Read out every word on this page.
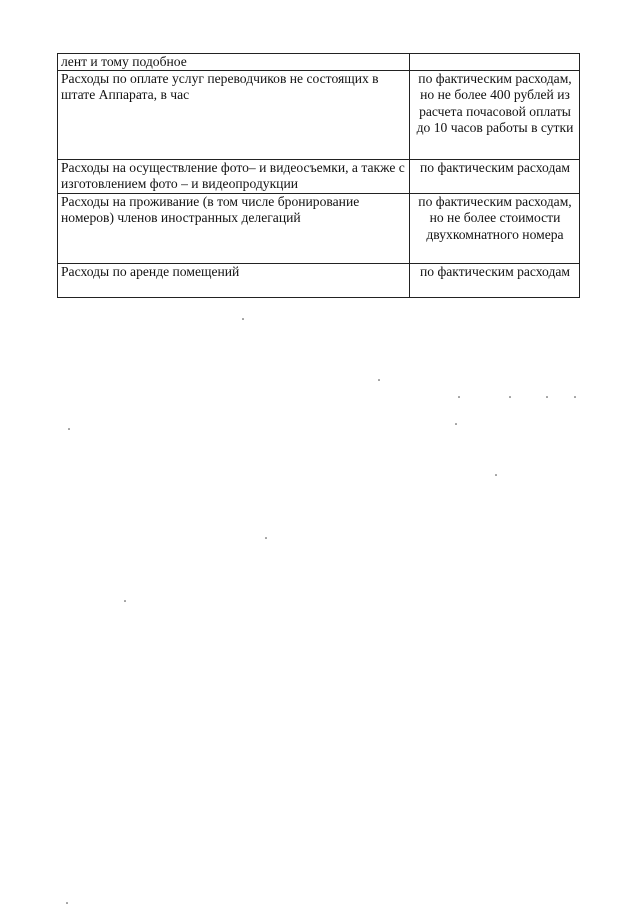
лент и тому подобное	
Расходы по оплате услуг переводчиков не состоящих в штате Аппарата, в час	по фактическим расходам, но не более 400 рублей из расчета почасовой оплаты до 10 часов работы в сутки
Расходы на осуществление фото– и видеосъемки, а также с изготовлением фото – и видеопродукции	по фактическим расходам
Расходы на проживание (в том числе бронирование номеров) членов иностранных делегаций	по фактическим расходам, но не более стоимости двухкомнатного номера
Расходы по аренде помещений	по фактическим расходам
